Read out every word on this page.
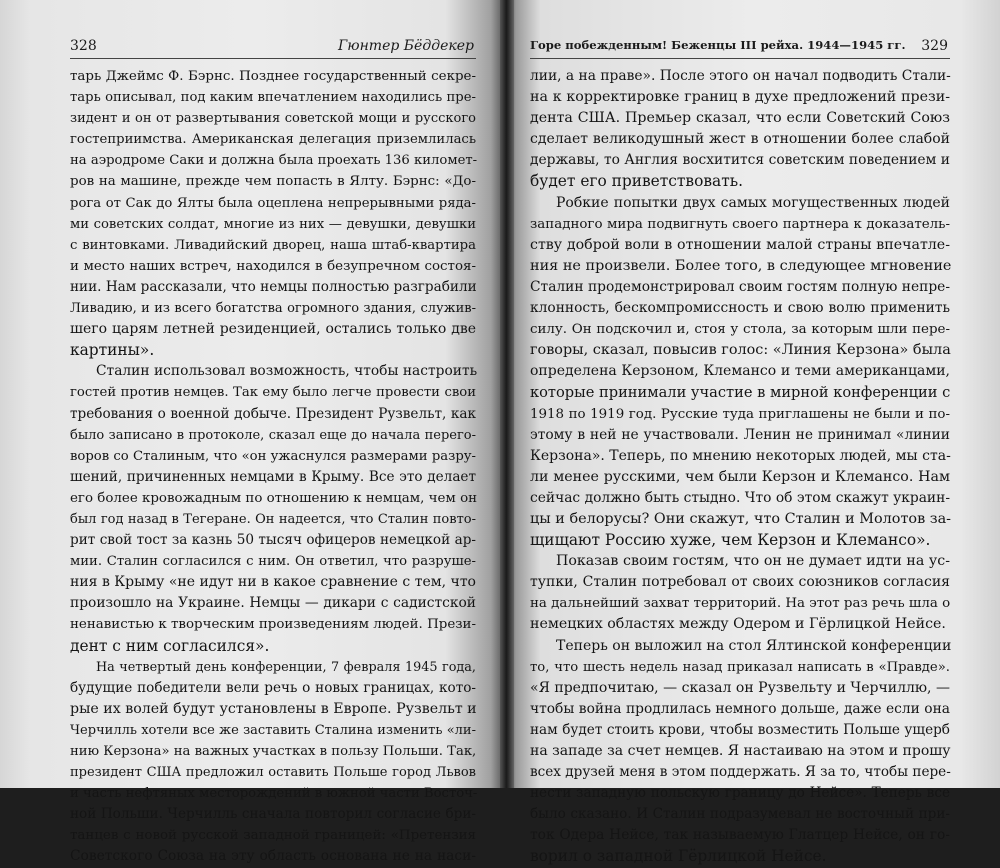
328	Гюнтер Бёддекер
тарь Джеймс Ф. Бэрнс. Позднее государственный секре-
тарь описывал, под каким впечатлением находились пре-
зидент и он от развертывания советской мощи и русского
гостеприимства. Американская делегация приземлилась
на аэродроме Саки и должна была проехать 136 километ-
ров на машине, прежде чем попасть в Ялту. Бэрнс: «До-
рога от Сак до Ялты была оцеплена непрерывными ряда-
ми советских солдат, многие из них — девушки, девушки
с винтовками. Ливадийский дворец, наша штаб-квартира
и место наших встреч, находился в безупречном состоя-
нии. Нам рассказали, что немцы полностью разграбили
Ливадию, и из всего богатства огромного здания, служив-
шего царям летней резиденцией, остались только две
картины».
Сталин использовал возможность, чтобы настроить
гостей против немцев. Так ему было легче провести свои
требования о военной добыче. Президент Рузвельт, как
было записано в протоколе, сказал еще до начала перего-
воров со Сталиным, что «он ужаснулся размерами разру-
шений, причиненных немцами в Крыму. Все это делает
его более кровожадным по отношению к немцам, чем он
был год назад в Тегеране. Он надеется, что Сталин повто-
рит свой тост за казнь 50 тысяч офицеров немецкой ар-
мии. Сталин согласился с ним. Он ответил, что разруше-
ния в Крыму «не идут ни в какое сравнение с тем, что
произошло на Украине. Немцы — дикари с садистской
ненавистью к творческим произведениям людей. Прези-
дент с ним согласился».
На четвертый день конференции, 7 февраля 1945 года,
будущие победители вели речь о новых границах, кото-
рые их волей будут установлены в Европе. Рузвельт и
Черчилль хотели все же заставить Сталина изменить «ли-
нию Керзона» на важных участках в пользу Польши. Так,
президент США предложил оставить Польше город Львов
и часть нефтяных месторождений в южной части Восточ-
ной Польши. Черчилль сначала повторил согласие бри-
танцев с новой русской западной границей: «Претензия
Советского Союза на эту область основана не на наси-
Горе побежденным! Беженцы III рейха. 1944—1945 гг. 329
лии, а на праве». После этого он начал подводить Стали-
на к корректировке границ в духе предложений прези-
дента США. Премьер сказал, что если Советский Союз
сделает великодушный жест в отношении более слабой
державы, то Англия восхитится советским поведением и
будет его приветствовать.
Робкие попытки двух самых могущественных людей
западного мира подвигнуть своего партнера к доказатель-
ству доброй воли в отношении малой страны впечатле-
ния не произвели. Более того, в следующее мгновение
Сталин продемонстрировал своим гостям полную непре-
клонность, бескомпромиссность и свою волю применить
силу. Он подскочил и, стоя у стола, за которым шли пере-
говоры, сказал, повысив голос: «Линия Керзона» была
определена Керзоном, Клемансо и теми американцами,
которые принимали участие в мирной конференции с
1918 по 1919 год. Русские туда приглашены не были и по-
этому в ней не участвовали. Ленин не принимал «линии
Керзона». Теперь, по мнению некоторых людей, мы ста-
ли менее русскими, чем были Керзон и Клемансо. Нам
сейчас должно быть стыдно. Что об этом скажут украин-
цы и белорусы? Они скажут, что Сталин и Молотов за-
щищают Россию хуже, чем Керзон и Клемансо».
Показав своим гостям, что он не думает идти на ус-
тупки, Сталин потребовал от своих союзников согласия
на дальнейший захват территорий. На этот раз речь шла о
немецких областях между Одером и Гёрлицкой Нейсе.
Теперь он выложил на стол Ялтинской конференции
то, что шесть недель назад приказал написать в «Правде».
«Я предпочитаю, — сказал он Рузвельту и Черчиллю, —
чтобы война продлилась немного дольше, даже если она
нам будет стоить крови, чтобы возместить Польше ущерб
на западе за счет немцев. Я настаиваю на этом и прошу
всех друзей меня в этом поддержать. Я за то, чтобы пере-
нести западную польскую границу до Нейсе». Теперь все
было сказано. И Сталин подразумевал не восточный при-
ток Одера Нейсе, так называемую Глатцер Нейсе, он го-
ворил о западной Гёрлицкой Нейсе.
